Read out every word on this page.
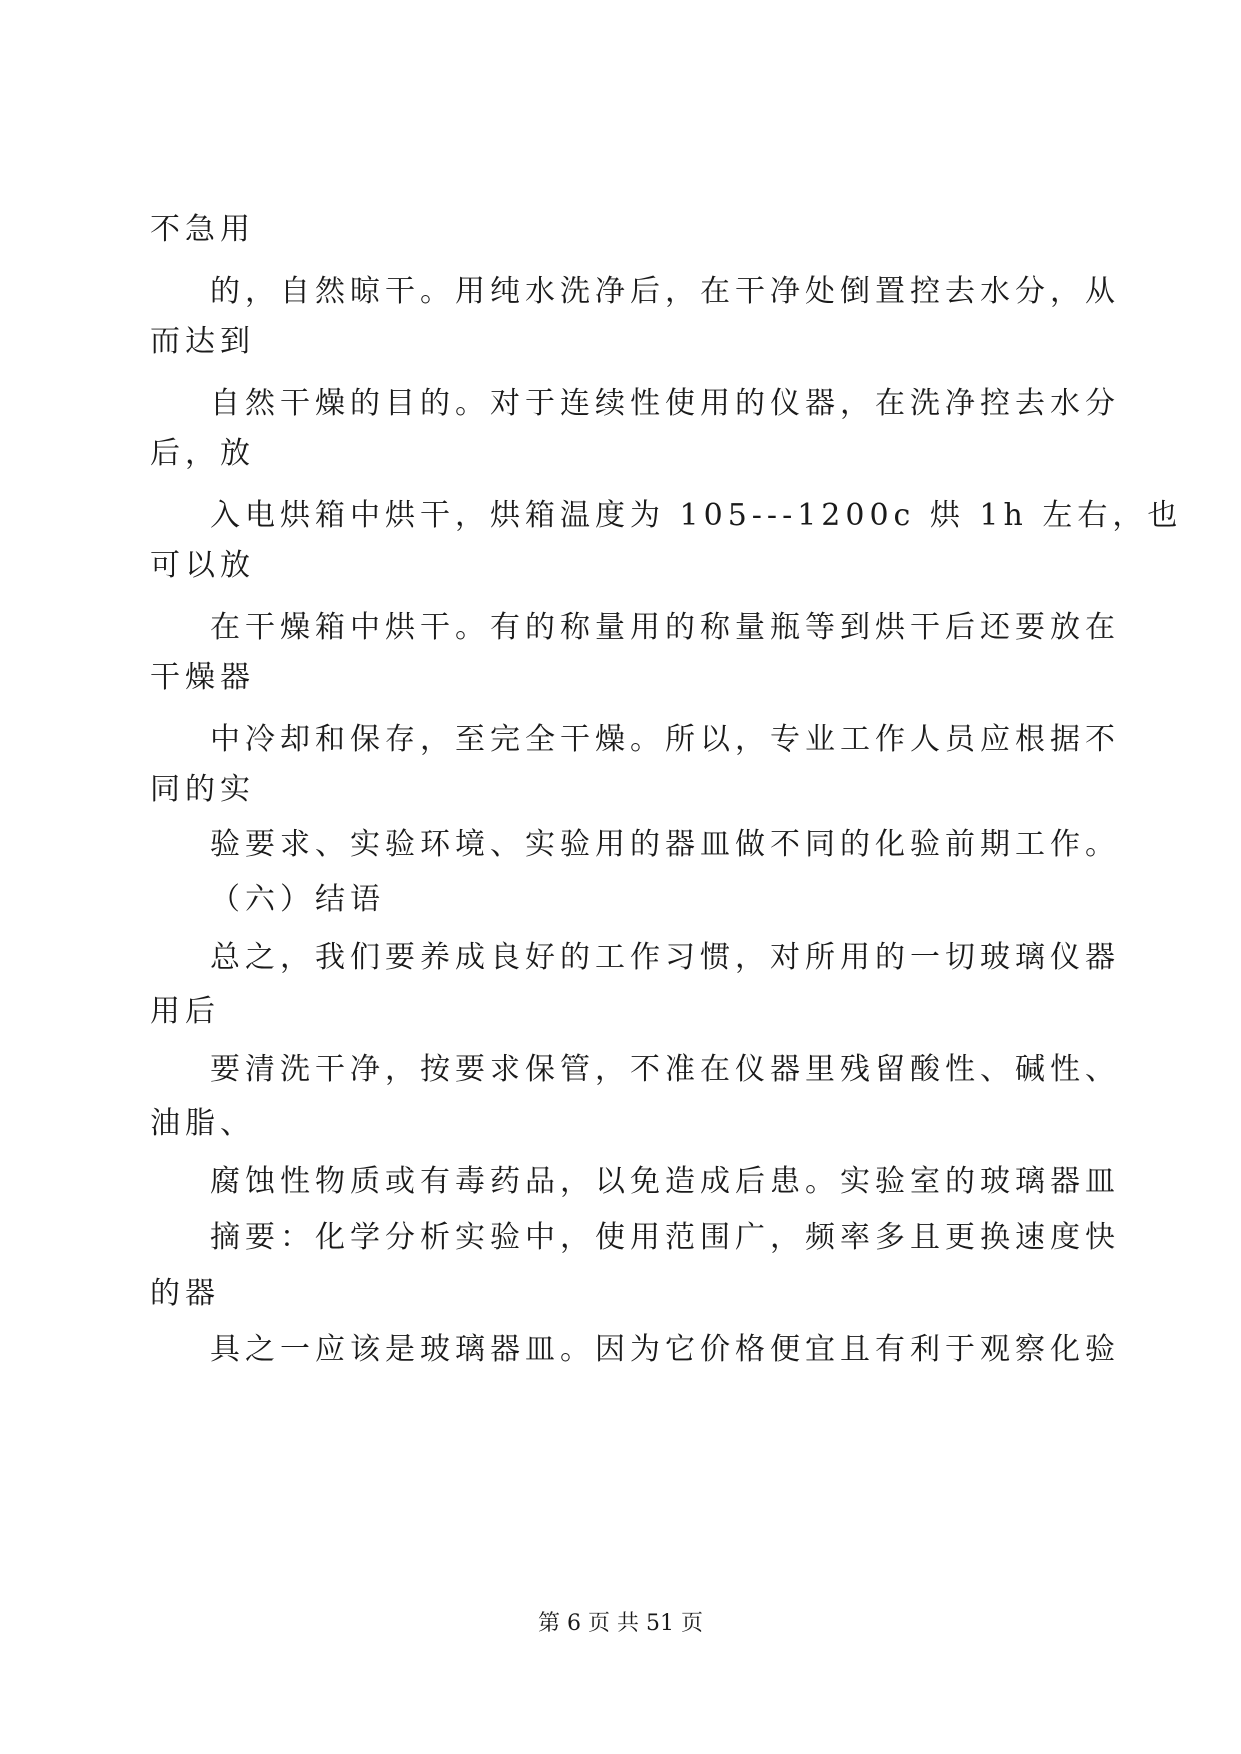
不急用
的，自然晾干。用纯水洗净后，在干净处倒置控去水分，从
而达到
自然干燥的目的。对于连续性使用的仪器，在洗净控去水分
后，放
入电烘箱中烘干，烘箱温度为 105---1200c 烘 1h 左右，也
可以放
在干燥箱中烘干。有的称量用的称量瓶等到烘干后还要放在
干燥器
中冷却和保存，至完全干燥。所以，专业工作人员应根据不
同的实
验要求、实验环境、实验用的器皿做不同的化验前期工作。
（六）结语
总之，我们要养成良好的工作习惯，对所用的一切玻璃仪器
用后
要清洗干净，按要求保管，不准在仪器里残留酸性、碱性、
油脂、
腐蚀性物质或有毒药品，以免造成后患。实验室的玻璃器皿
摘要：化学分析实验中，使用范围广，频率多且更换速度快
的器
具之一应该是玻璃器皿。因为它价格便宜且有利于观察化验
第 6 页 共 51 页
